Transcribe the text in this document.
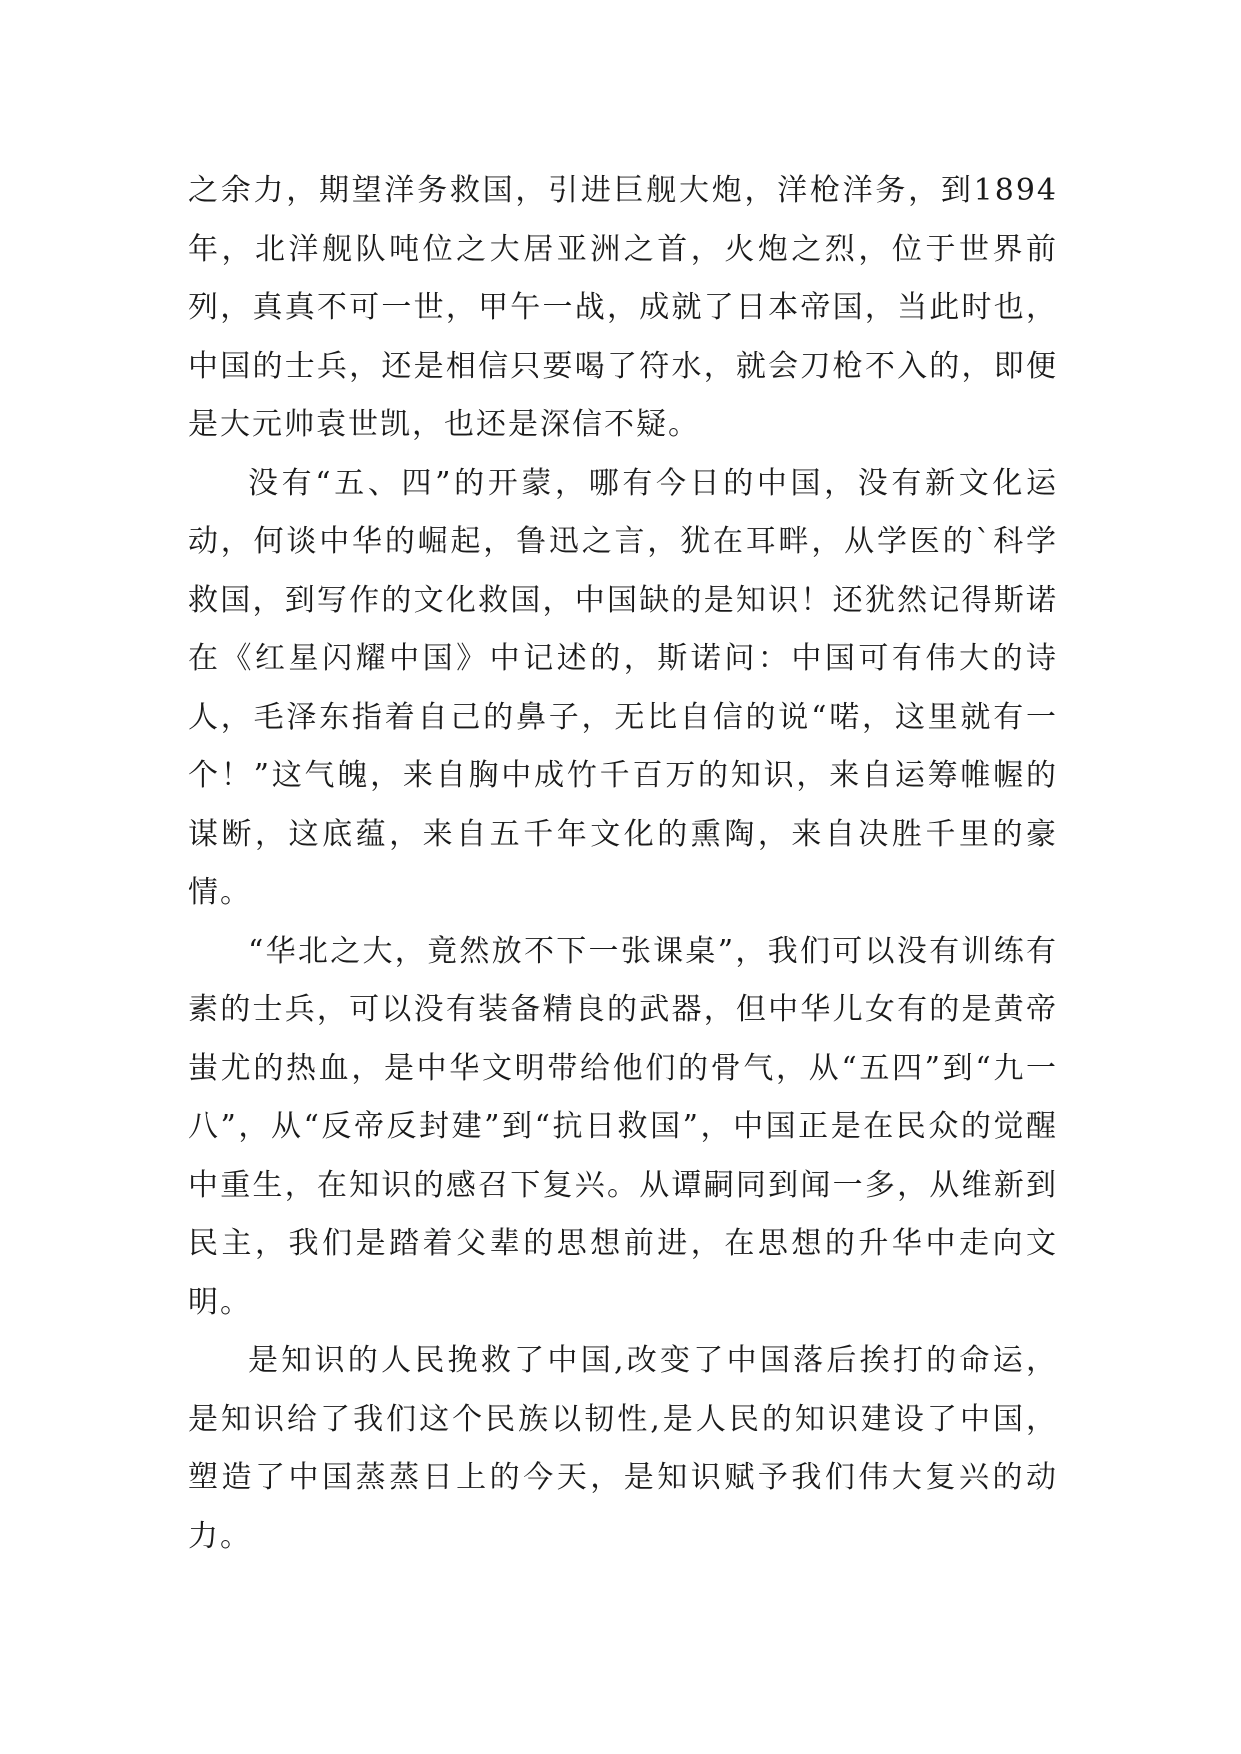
之余力，期望洋务救国，引进巨舰大炮，洋枪洋务，到1894年，北洋舰队吨位之大居亚洲之首，火炮之烈，位于世界前列，真真不可一世，甲午一战，成就了日本帝国，当此时也，中国的士兵，还是相信只要喝了符水，就会刀枪不入的，即便是大元帅袁世凯，也还是深信不疑。

没有“五、四”的开蒙，哪有今日的中国，没有新文化运动，何谈中华的崛起，鲁迅之言，犹在耳畔，从学医的`科学救国，到写作的文化救国，中国缺的是知识！还犹然记得斯诺在《红星闪耀中国》中记述的，斯诺问：中国可有伟大的诗人，毛泽东指着自己的鼻子，无比自信的说“喏，这里就有一个！”这气魄，来自胸中成竹千百万的知识，来自运筹帷幄的谋断，这底蕴，来自五千年文化的熏陶，来自决胜千里的豪情。

“华北之大，竟然放不下一张课桌”，我们可以没有训练有素的士兵，可以没有装备精良的武器，但中华儿女有的是黄帝蚩尤的热血，是中华文明带给他们的骨气，从“五四”到“九一八”，从“反帝反封建”到“抗日救国”，中国正是在民众的觉醒中重生，在知识的感召下复兴。从谭嗣同到闻一多，从维新到民主，我们是踏着父辈的思想前进，在思想的升华中走向文明。

是知识的人民挽救了中国,改变了中国落后挨打的命运，是知识给了我们这个民族以韧性,是人民的知识建设了中国，塑造了中国蒸蒸日上的今天，是知识赋予我们伟大复兴的动力。
